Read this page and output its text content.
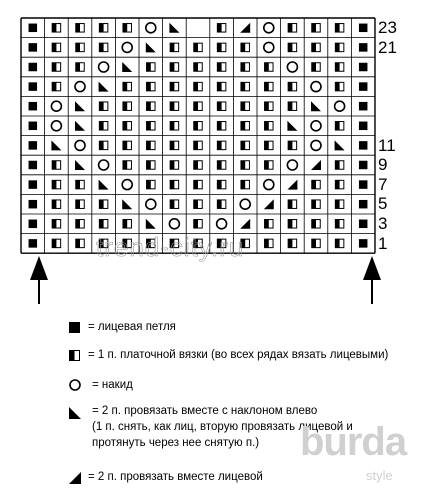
23
21
11
9
7
5
3
1
trend-city.ru
= лицевая петля
= 1 п. платочной вязки (во всех рядах вязать лицевыми)
= накид
= 2 п. провязать вместе с наклоном влево
(1 п. снять, как лиц, вторую провязать лицевой и
протянуть через нее снятую п.)
= 2 п. провязать вместе лицевой
burda
style
